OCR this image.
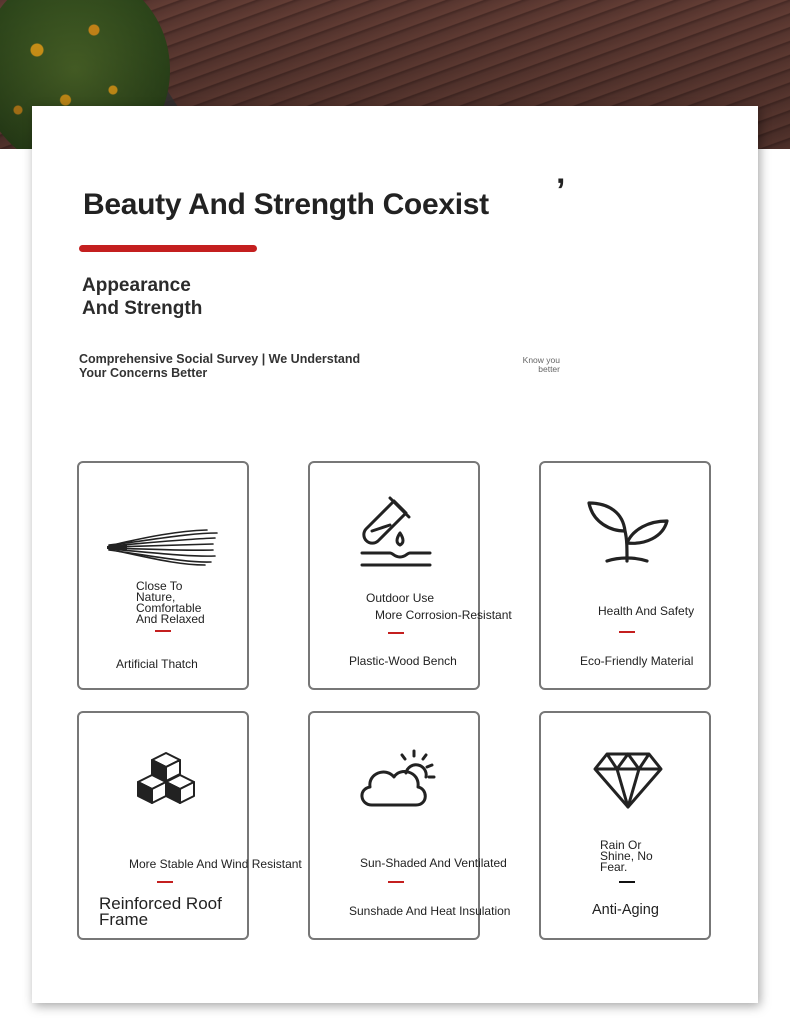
Beauty And Strength Coexist ’
Appearance And Strength
Comprehensive Social Survey | We Understand Your Concerns Better
Know you better
Close To Nature, Comfortable And Relaxed
Artificial Thatch
Outdoor Use
More Corrosion-Resistant
Plastic-Wood Bench
Health And Safety
Eco-Friendly Material
More Stable And Wind Resistant
Reinforced Roof Frame
Sun-Shaded And Ventilated
Sunshade And Heat Insulation
Rain Or Shine, No Fear.
Anti-Aging
